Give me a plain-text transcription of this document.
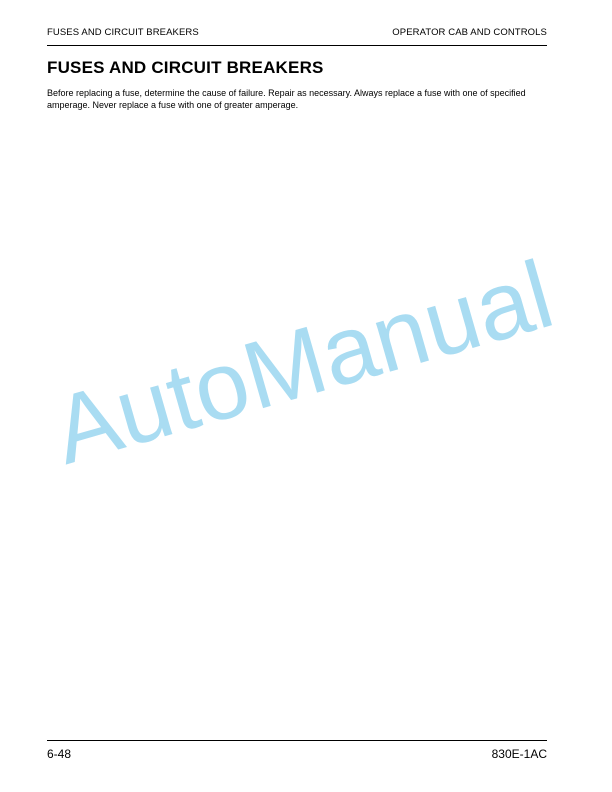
FUSES AND CIRCUIT BREAKERS	OPERATOR CAB AND CONTROLS
FUSES AND CIRCUIT BREAKERS

Before replacing a fuse, determine the cause of failure. Repair as necessary. Always replace a fuse with one of specified amperage. Never replace a fuse with one of greater amperage.

AutoManual
6-48	830E-1AC
